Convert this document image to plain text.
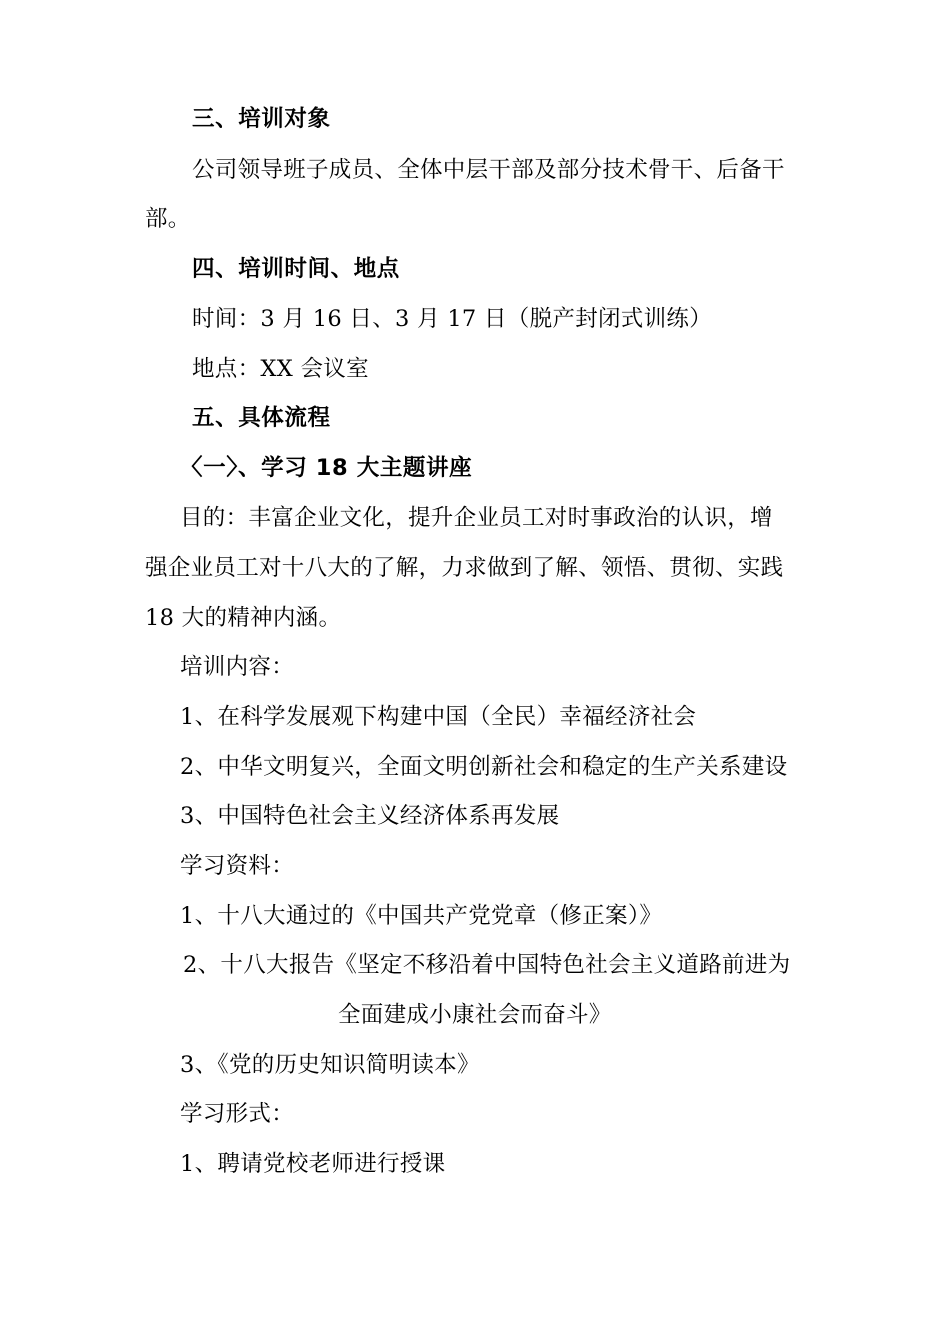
三、培训对象
公司领导班子成员、全体中层干部及部分技术骨干、后备干
部。
四、培训时间、地点
时间：3 月 16 日、3 月 17 日（脱产封闭式训练）
地点：XX 会议室
五、具体流程
〈一〉、学习 18 大主题讲座
目的：丰富企业文化，提升企业员工对时事政治的认识，增
强企业员工对十八大的了解，力求做到了解、领悟、贯彻、实践
18 大的精神内涵。
培训内容：
1、在科学发展观下构建中国（全民）幸福经济社会
2、中华文明复兴，全面文明创新社会和稳定的生产关系建设
3、中国特色社会主义经济体系再发展
学习资料：
1、十八大通过的《中国共产党党章（修正案）》
2、十八大报告《坚定不移沿着中国特色社会主义道路前进为
全面建成小康社会而奋斗》
3、《党的历史知识简明读本》
学习形式：
1、聘请党校老师进行授课
